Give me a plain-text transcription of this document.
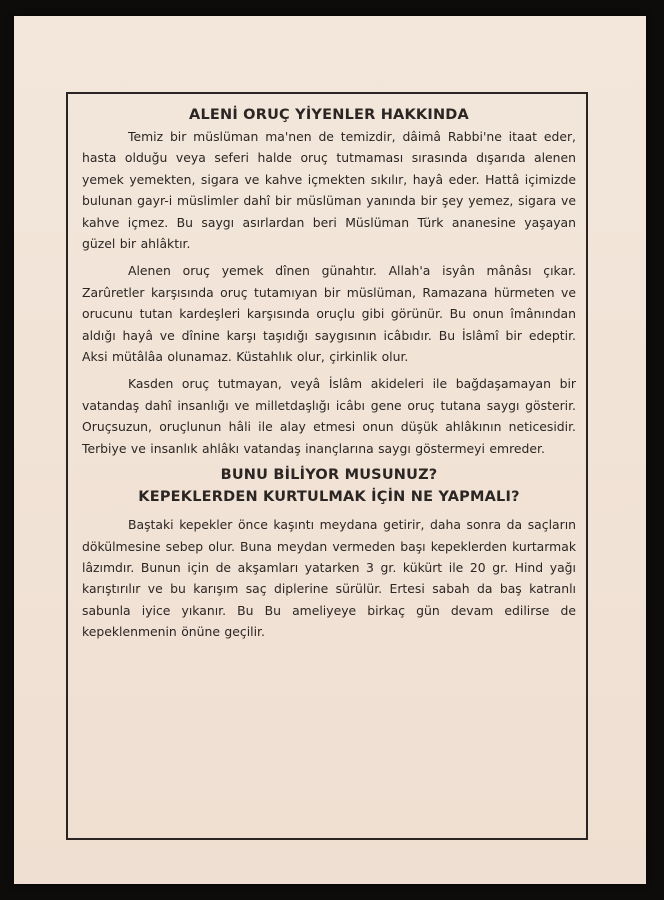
ALENİ ORUÇ YİYENLER HAKKINDA

Temiz bir müslüman ma'nen de temizdir, dâimâ Rabbi'ne itaat eder, hasta olduğu veya seferi halde oruç tutmaması sırasında dışarıda alenen yemek yemekten, sigara ve kahve içmekten sıkılır, hayâ eder. Hattâ içimizde bulunan gayr-i müslimler dahî bir müslüman yanında bir şey yemez, sigara ve kahve içmez. Bu saygı asırlardan beri Müslüman Türk ananesine yaşayan güzel bir ahlâktır.

Alenen oruç yemek dînen günahtır. Allah'a isyân mânâsı çıkar. Zarûretler karşısında oruç tutamıyan bir müslüman, Ramazana hürmeten ve orucunu tutan kardeşleri karşısında oruçlu gibi görünür. Bu onun îmânından aldığı hayâ ve dînine karşı taşıdığı saygısının icâbıdır. Bu İslâmî bir edeptir. Aksi mütâlâa olunamaz. Küstahlık olur, çirkinlik olur.

Kasden oruç tutmayan, veyâ İslâm akideleri ile bağdaşamayan bir vatandaş dahî insanlığı ve milletdaşlığı icâbı gene oruç tutana saygı gösterir. Oruçsuzun, oruçlunun hâli ile alay etmesi onun düşük ahlâkının neticesidir. Terbiye ve insanlık ahlâkı vatandaş inançlarına saygı göstermeyi emreder.

BUNU BİLİYOR MUSUNUZ?
KEPEKLERDEN KURTULMAK İÇİN NE YAPMALI?

Baştaki kepekler önce kaşıntı meydana getirir, daha sonra da saçların dökülmesine sebep olur. Buna meydan vermeden başı kepeklerden kurtarmak lâzımdır. Bunun için de akşamları yatarken 3 gr. kükürt ile 20 gr. Hind yağı karıştırılır ve bu karışım saç diplerine sürülür. Ertesi sabah da baş katranlı sabunla iyice yıkanır. Bu Bu ameliyeye birkaç gün devam edilirse de kepeklenmenin önüne geçilir.
